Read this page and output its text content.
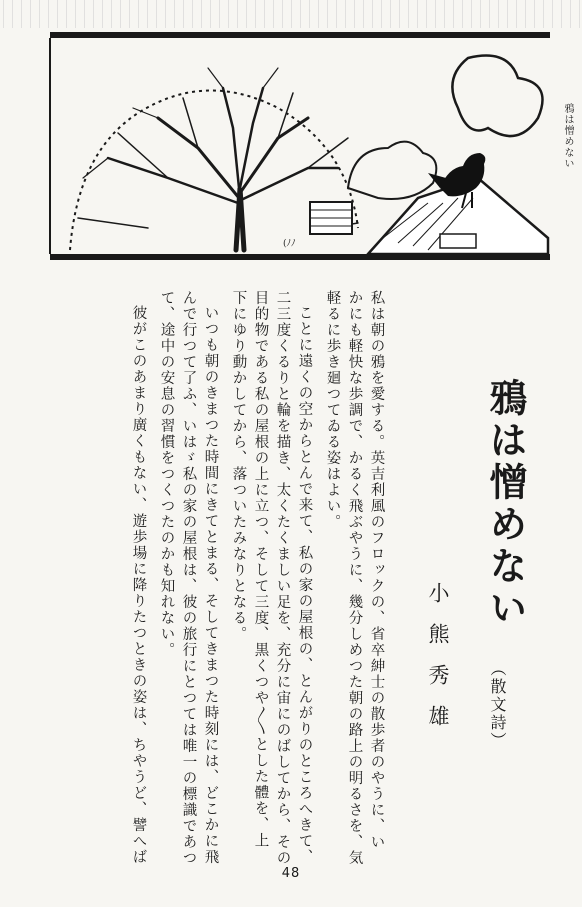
(ﾉﾉ
鴉は憎めない
鴉は憎めない
（散文詩）
小熊秀雄
私は朝の鴉を愛する。英吉利風のフロックの、省卒紳士の散歩者のやうに、い
かにも軽快な歩調で、かるく飛ぶやうに、幾分しめつた朝の路上の明るさを、気
軽るに歩き廻つてゐる姿はよい。
ことに遠くの空からとんで来て、私の家の屋根の、とんがりのところへきて、
二三度くるりと輪を描き、太くたくましい足を、充分に宙にのばしてから、その
目的物である私の屋根の上に立つ、そして三度、黒くつや〳〵とした體を、上
下にゆり動かしてから、落ついたみなりとなる。
いつも朝のきまつた時間にきてとまる、そしてきまつた時刻には、どこかに飛
んで行つて了ふ、いはゞ私の家の屋根は、彼の旅行にとつては唯一の標識であつ
て、途中の安息の習慣をつくつたのかも知れない。
彼がこのあまり廣くもない、遊歩場に降りたつときの姿は、ちやうど、譬へば
48
